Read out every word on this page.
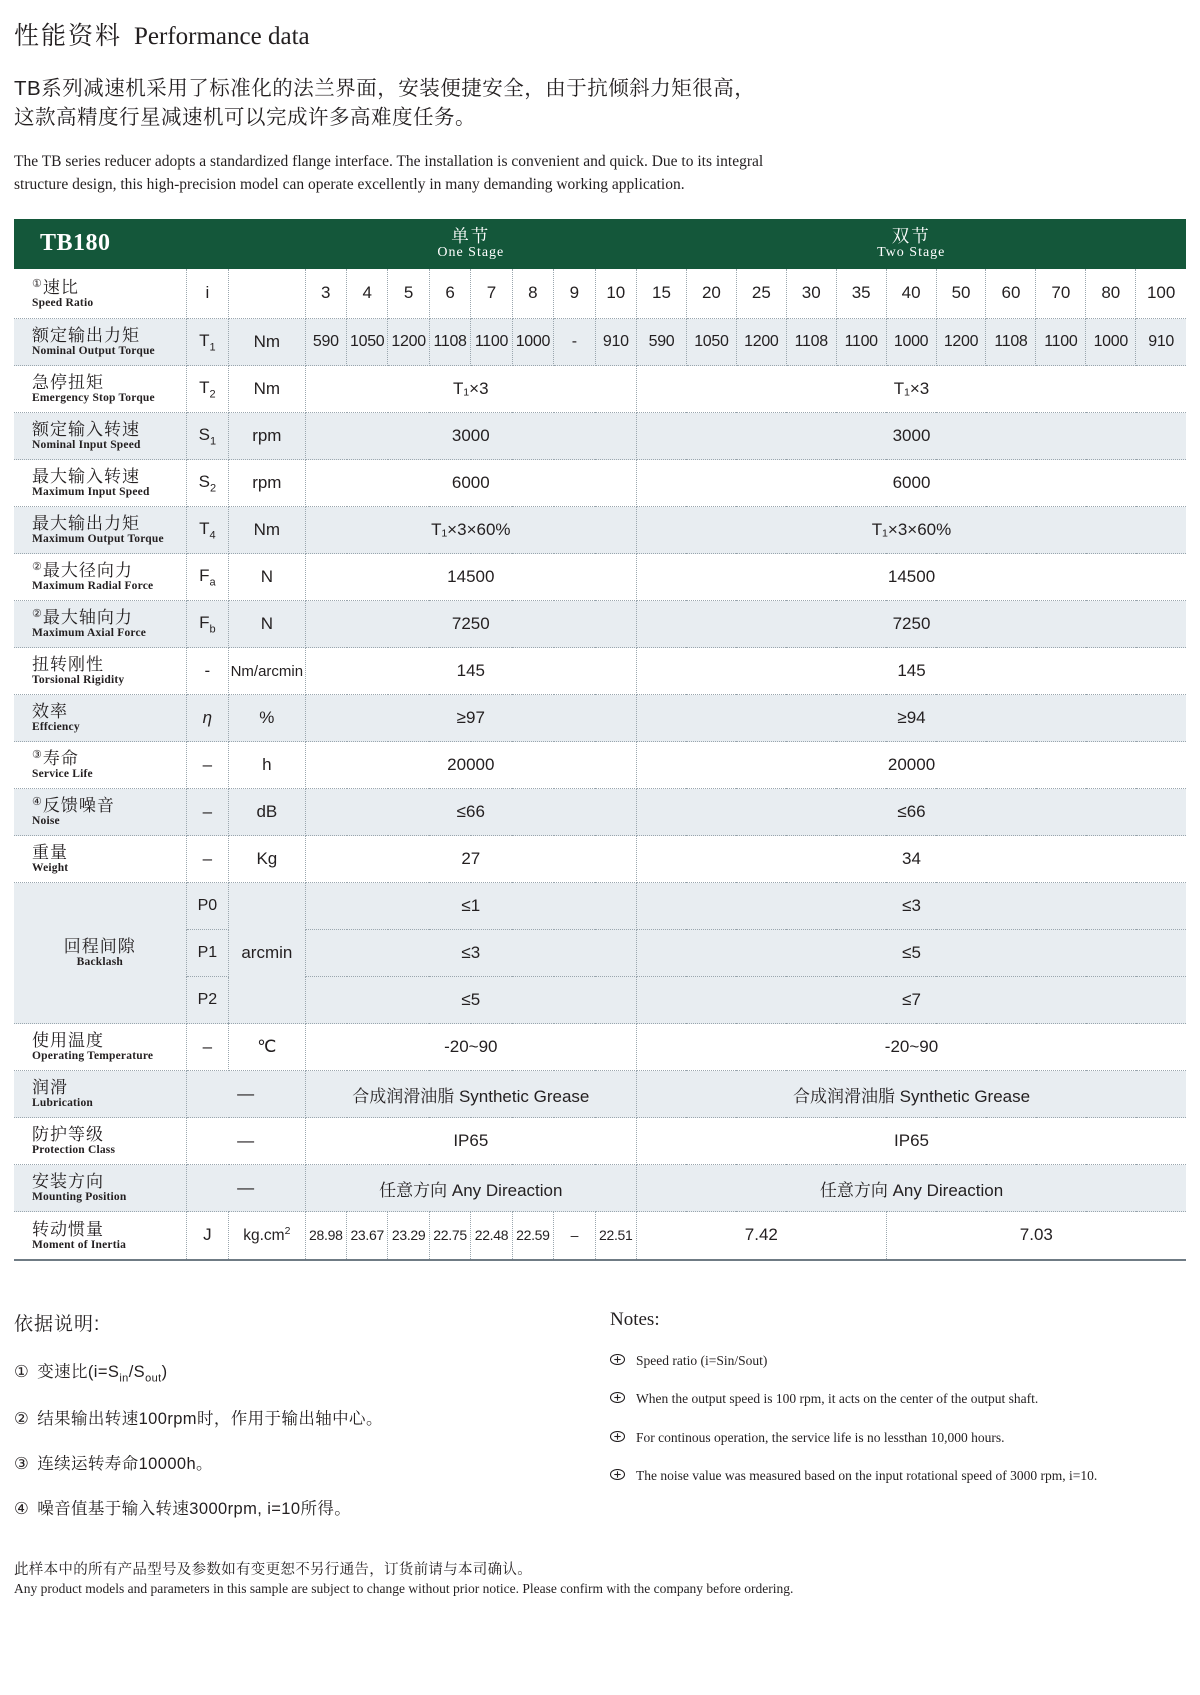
性能资料 Performance data
TB系列减速机采用了标准化的法兰界面，安装便捷安全，由于抗倾斜力矩很高，
这款高精度行星减速机可以完成许多高难度任务。
The TB series reducer adopts a standardized flange interface. The installation is convenient and quick. Due to its integral
structure design, this high-precision model can operate excellently in many demanding working application.
TB180			单节
One Stage								双节
Two Stage										

①速比
Speed Ratio	i		3	4	5	6	7	8	9	10	15	20	25	30	35	40	50	60	70	80	100

额定输出力矩
Nominal Output Torque	$T_1$	Nm	590	1050	1200	1108	1100	1000	-	910	590	1050	1200	1108	1100	1000	1200	1108	1100	1000	910

急停扭矩
Emergency Stop Torque	$T_2$	Nm	T₁×3								T₁×3										

额定输入转速
Nominal Input Speed	$S_1$	rpm	3000								3000										

最大输入转速
Maximum Input Speed	$S_2$	rpm	6000								6000										

最大输出力矩
Maximum Output Torque	$T_4$	Nm	T₁×3×60%								T₁×3×60%										

②最大径向力
Maximum Radial Force	$F_a$	N	14500								14500										

②最大轴向力
Maximum Axial Force	$F_b$	N	7250								7250										

扭转刚性
Torsional Rigidity	-	Nm/arcmin	145								145										

效率
Effciency	η	%	≥97								≥94										

③寿命
Service Life	–	h	20000								20000										

④反馈噪音
Noise	–	dB	≤66								≤66										

重量
Weight	–	Kg	27								34										

回程间隙
Backlash	P0	arcmin	≤1								≤3										
	P1		≤3								≤5										
	P2		≤5								≤7										

使用温度
Operating Temperature	–	℃	-20~90								-20~90										

润滑
Lubrication	—		合成润滑油脂 Synthetic Grease								合成润滑油脂 Synthetic Grease										

防护等级
Protection Class	—		IP65								IP65										

安装方向
Mounting Position	—		任意方向 Any Direaction								任意方向 Any Direaction										

转动惯量
Moment of Inertia	J	$kg.cm^2$	28.98	23.67	23.29	22.75	22.48	22.59	–	22.51	7.42					7.03					
依据说明:
① 变速比$(i=S_{in}/S_{out})$
② 结果输出转速100rpm时，作用于输出轴中心。
③ 连续运转寿命10000h。
④ 噪音值基于输入转速3000rpm, i=10所得。
Notes:
Speed ratio (i=Sin/Sout)
When the output speed is 100 rpm, it acts on the center of the output shaft.
For continous operation, the service life is no lessthan 10,000 hours.
The noise value was measured based on the input rotational speed of 3000 rpm, i=10.
此样本中的所有产品型号及参数如有变更恕不另行通告，订货前请与本司确认。
Any product models and parameters in this sample are subject to change without prior notice. Please confirm with the company before ordering.
